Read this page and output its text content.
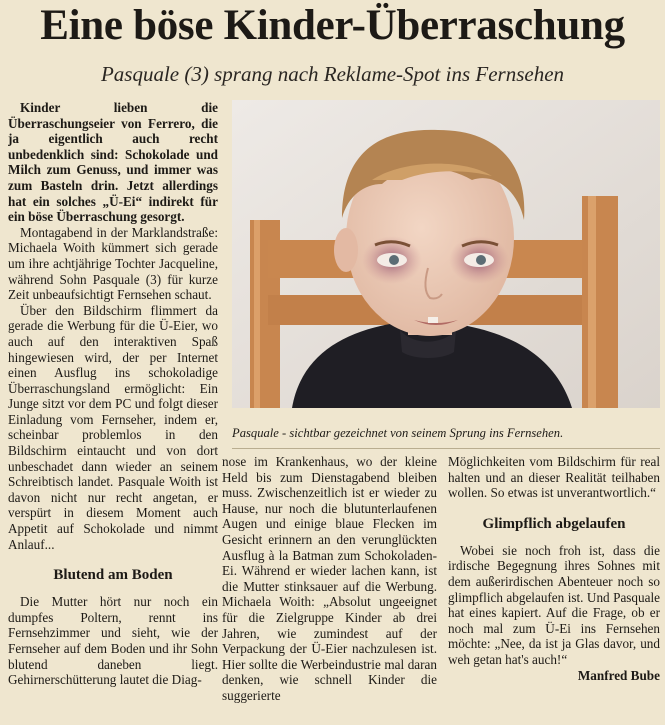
Eine böse Kinder-Überraschung
Pasquale (3) sprang nach Reklame-Spot ins Fernsehen

Kinder lieben die Überraschungseier von Ferrero, die ja eigentlich auch recht unbedenklich sind: Schokolade und Milch zum Genuss, und immer was zum Basteln drin. Jetzt allerdings hat ein solches „Ü-Ei“ indirekt für ein böse Überraschung gesorgt.

Montagabend in der Marklandstraße: Michaela Woith kümmert sich gerade um ihre achtjährige Tochter Jacqueline, während Sohn Pasquale (3) für kurze Zeit unbeaufsichtigt Fernsehen schaut.

Über den Bildschirm flimmert da gerade die Werbung für die Ü-Eier, wo auch auf den interaktiven Spaß hingewiesen wird, der per Internet einen Ausflug ins schokoladige Überraschungsland ermöglicht: Ein Junge sitzt vor dem PC und folgt dieser Einladung vom Fernseher, indem er, scheinbar problemlos in den Bildschirm eintaucht und von dort unbeschadet dann wieder an seinem Schreibtisch landet. Pasquale Woith ist davon nicht nur recht angetan, er verspürt in diesem Moment auch Appetit auf Schokolade und nimmt Anlauf...

Blutend am Boden

Die Mutter hört nur noch ein dumpfes Poltern, rennt ins Fernsehzimmer und sieht, wie der Fernseher auf dem Boden und ihr Sohn blutend daneben liegt. Gehirnerschütterung lautet die Diag-

Pasquale - sichtbar gezeichnet von seinem Sprung ins Fernsehen.

nose im Krankenhaus, wo der kleine Held bis zum Dienstagabend bleiben muss. Zwischenzeitlich ist er wieder zu Hause, nur noch die blutunterlaufenen Augen und einige blaue Flecken im Gesicht erinnern an den verunglückten Ausflug à la Batman zum Schokoladen-Ei. Während er wieder lachen kann, ist die Mutter stinksauer auf die Werbung. Michaela Woith: „Absolut ungeeignet für die Zielgruppe Kinder ab drei Jahren, wie zumindest auf der Verpackung der Ü-Eier nachzulesen ist. Hier sollte die Werbeindustrie mal daran denken, wie schnell Kinder die suggerierte

Möglichkeiten vom Bildschirm für real halten und an dieser Realität teilhaben wollen. So etwas ist unverantwortlich.“

Glimpflich abgelaufen

Wobei sie noch froh ist, dass die irdische Begegnung ihres Sohnes mit dem außerirdischen Abenteuer noch so glimpflich abgelaufen ist. Und Pasquale hat eines kapiert. Auf die Frage, ob er noch mal zum Ü-Ei ins Fernsehen möchte: „Nee, da ist ja Glas davor, und weh getan hat's auch!“

Manfred Bube
